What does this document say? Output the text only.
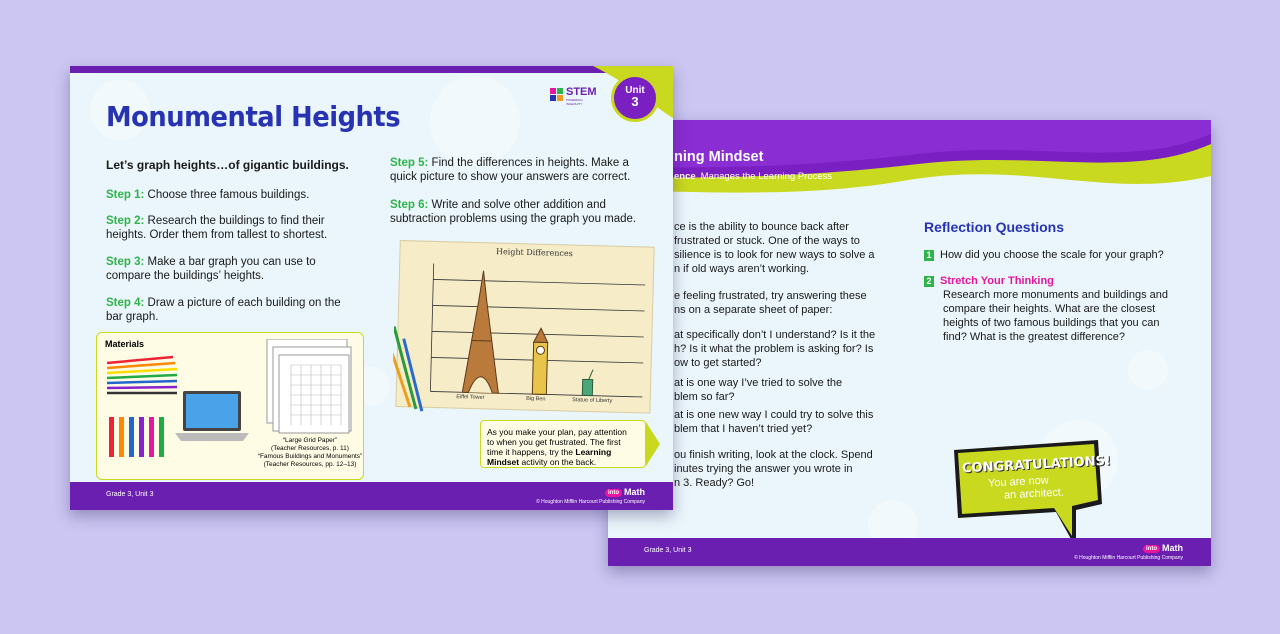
ning Mindset
ence Manages the Learning Process
ce is the ability to bounce back after
frustrated or stuck. One of the ways to
silience is to look for new ways to solve a
n if old ways aren’t working.
e feeling frustrated, try answering these
ns on a separate sheet of paper:
at specifically don’t I understand? Is it the
h? Is it what the problem is asking for? Is
ow to get started?
at is one way I’ve tried to solve the
blem so far?
at is one new way I could try to solve this
blem that I haven’t tried yet?
ou finish writing, look at the clock. Spend
inutes trying the answer you wrote in
n 3. Ready? Go!
Reflection Questions
1 How did you choose the scale for your graph?
2 Stretch Your Thinking
Research more monuments and buildings and
compare their heights. What are the closest
heights of two famous buildings that you can
find? What is the greatest difference?
CONGRATULATIONS!
You are now
an architect.
Grade 3, Unit 3	into Math
© Houghton Mifflin Harcourt Publishing Company
Unit
3
STEM
POWERING INGENUITY
Monumental Heights
Let’s graph heights…of gigantic buildings.
Step 1: Choose three famous buildings.
Step 2: Research the buildings to find their
heights. Order them from tallest to shortest.
Step 3: Make a bar graph you can use to
compare the buildings’ heights.
Step 4: Draw a picture of each building on the
bar graph.
Step 5: Find the differences in heights. Make a
quick picture to show your answers are correct.
Step 6: Write and solve other addition and
subtraction problems using the graph you made.
Materials
“Large Grid Paper”
(Teacher Resources, p. 11)
“Famous Buildings and Monuments”
(Teacher Resources, pp. 12–13)
Height Differences
Eiffel Tower	Big Ben	Statue of Liberty
As you make your plan, pay attention
to when you get frustrated. The first
time it happens, try the Learning
Mindset activity on the back.
Grade 3, Unit 3	into Math
© Houghton Mifflin Harcourt Publishing Company
